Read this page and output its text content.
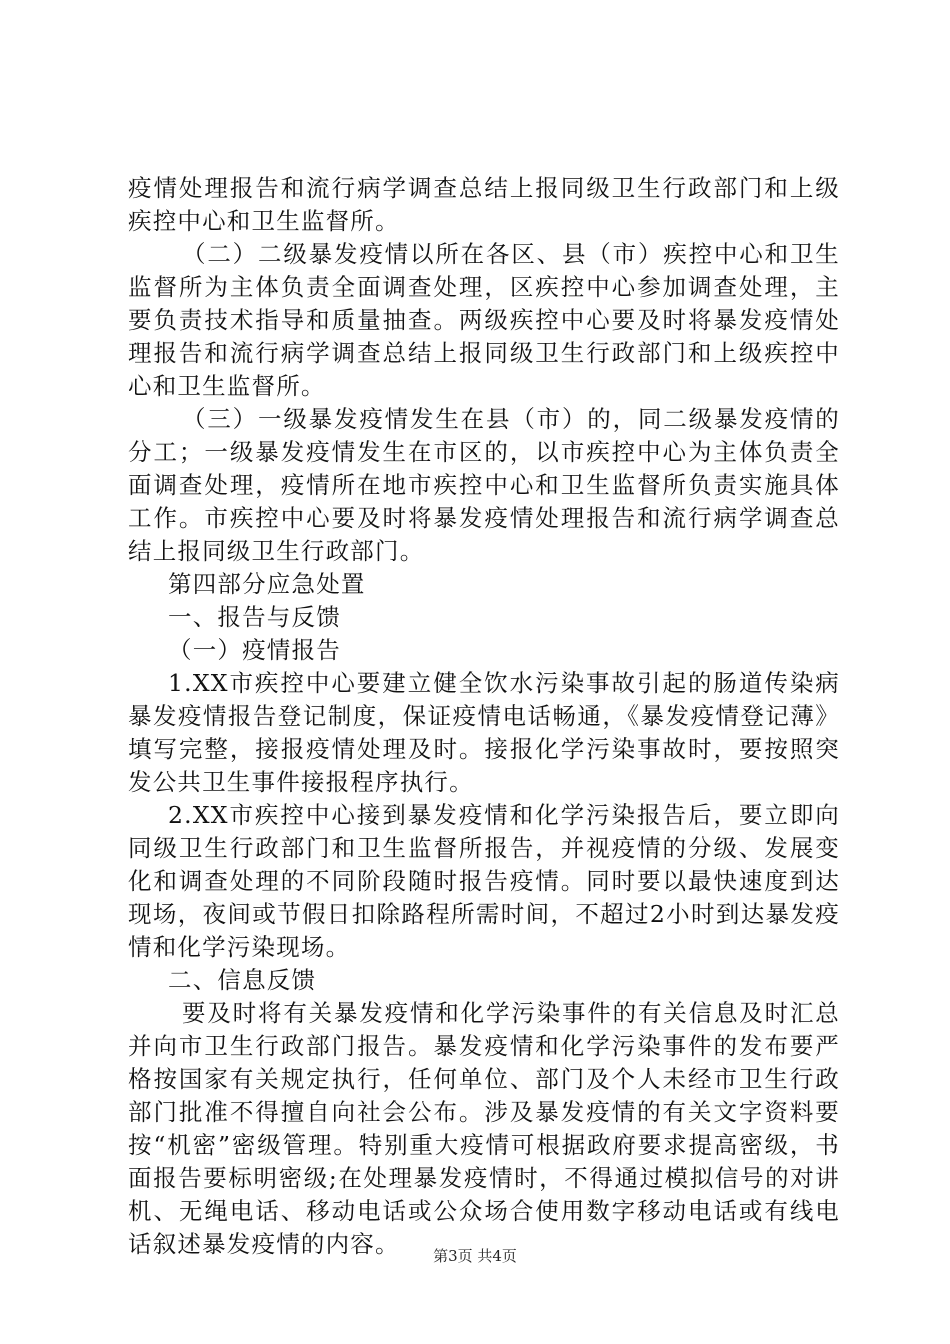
疫情处理报告和流行病学调查总结上报同级卫生行政部门和上级疾控中心和卫生监督所。

（二）二级暴发疫情以所在各区、县（市）疾控中心和卫生监督所为主体负责全面调查处理，区疾控中心参加调查处理，主要负责技术指导和质量抽查。两级疾控中心要及时将暴发疫情处理报告和流行病学调查总结上报同级卫生行政部门和上级疾控中心和卫生监督所。

（三）一级暴发疫情发生在县（市）的，同二级暴发疫情的分工；一级暴发疫情发生在市区的，以市疾控中心为主体负责全面调查处理，疫情所在地市疾控中心和卫生监督所负责实施具体工作。市疾控中心要及时将暴发疫情处理报告和流行病学调查总结上报同级卫生行政部门。

第四部分应急处置

一、报告与反馈

（一）疫情报告

1.XX市疾控中心要建立健全饮水污染事故引起的肠道传染病暴发疫情报告登记制度，保证疫情电话畅通，《暴发疫情登记薄》填写完整，接报疫情处理及时。接报化学污染事故时，要按照突发公共卫生事件接报程序执行。

2.XX市疾控中心接到暴发疫情和化学污染报告后，要立即向同级卫生行政部门和卫生监督所报告，并视疫情的分级、发展变化和调查处理的不同阶段随时报告疫情。同时要以最快速度到达现场，夜间或节假日扣除路程所需时间，不超过2小时到达暴发疫情和化学污染现场。

二、信息反馈

要及时将有关暴发疫情和化学污染事件的有关信息及时汇总并向市卫生行政部门报告。暴发疫情和化学污染事件的发布要严格按国家有关规定执行，任何单位、部门及个人未经市卫生行政部门批准不得擅自向社会公布。涉及暴发疫情的有关文字资料要按“机密”密级管理。特别重大疫情可根据政府要求提高密级，书面报告要标明密级;在处理暴发疫情时，不得通过模拟信号的对讲机、无绳电话、移动电话或公众场合使用数字移动电话或有线电话叙述暴发疫情的内容。	第3页 共4页
